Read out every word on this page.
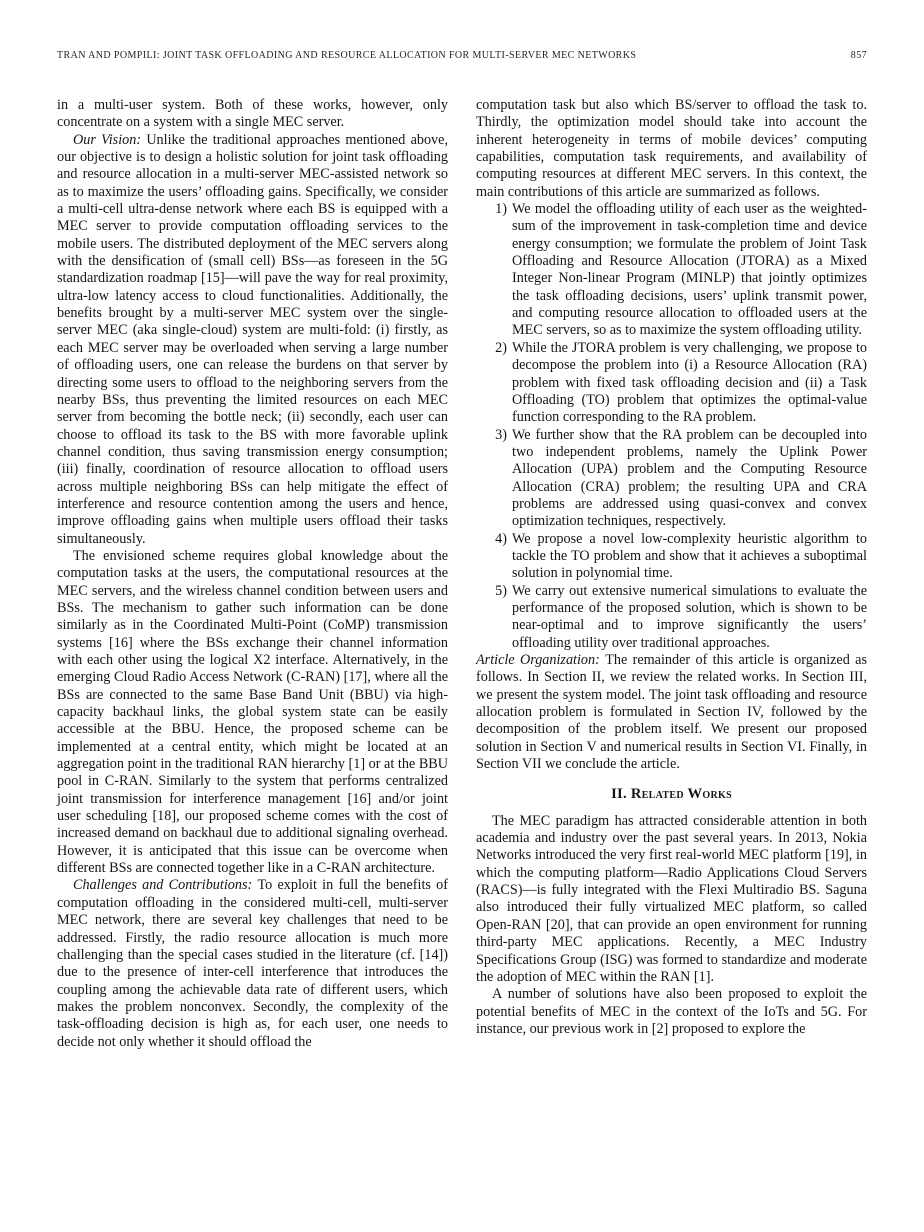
TRAN AND POMPILI: JOINT TASK OFFLOADING AND RESOURCE ALLOCATION FOR MULTI-SERVER MEC NETWORKS	857

in a multi-user system. Both of these works, however, only concentrate on a system with a single MEC server.

Our Vision: Unlike the traditional approaches mentioned above, our objective is to design a holistic solution for joint task offloading and resource allocation in a multi-server MEC-assisted network so as to maximize the users’ offloading gains. Specifically, we consider a multi-cell ultra-dense network where each BS is equipped with a MEC server to provide computation offloading services to the mobile users. The distributed deployment of the MEC servers along with the densification of (small cell) BSs—as foreseen in the 5G standardization roadmap [15]—will pave the way for real proximity, ultra-low latency access to cloud functionalities. Additionally, the benefits brought by a multi-server MEC system over the single-server MEC (aka single-cloud) system are multi-fold: (i) firstly, as each MEC server may be overloaded when serving a large number of offloading users, one can release the burdens on that server by directing some users to offload to the neighboring servers from the nearby BSs, thus preventing the limited resources on each MEC server from becoming the bottle neck; (ii) secondly, each user can choose to offload its task to the BS with more favorable uplink channel condition, thus saving transmission energy consumption; (iii) finally, coordination of resource allocation to offload users across multiple neighboring BSs can help mitigate the effect of interference and resource contention among the users and hence, improve offloading gains when multiple users offload their tasks simultaneously.

The envisioned scheme requires global knowledge about the computation tasks at the users, the computational resources at the MEC servers, and the wireless channel condition between users and BSs. The mechanism to gather such information can be done similarly as in the Coordinated Multi-Point (CoMP) transmission systems [16] where the BSs exchange their channel information with each other using the logical X2 interface. Alternatively, in the emerging Cloud Radio Access Network (C-RAN) [17], where all the BSs are connected to the same Base Band Unit (BBU) via high-capacity backhaul links, the global system state can be easily accessible at the BBU. Hence, the proposed scheme can be implemented at a central entity, which might be located at an aggregation point in the traditional RAN hierarchy [1] or at the BBU pool in C-RAN. Similarly to the system that performs centralized joint transmission for interference management [16] and/or joint user scheduling [18], our proposed scheme comes with the cost of increased demand on backhaul due to additional signaling overhead. However, it is anticipated that this issue can be overcome when different BSs are connected together like in a C-RAN architecture.

Challenges and Contributions: To exploit in full the benefits of computation offloading in the considered multi-cell, multi-server MEC network, there are several key challenges that need to be addressed. Firstly, the radio resource allocation is much more challenging than the special cases studied in the literature (cf. [14]) due to the presence of inter-cell interference that introduces the coupling among the achievable data rate of different users, which makes the problem nonconvex. Secondly, the complexity of the task-offloading decision is high as, for each user, one needs to decide not only whether it should offload the

computation task but also which BS/server to offload the task to. Thirdly, the optimization model should take into account the inherent heterogeneity in terms of mobile devices’ computing capabilities, computation task requirements, and availability of computing resources at different MEC servers. In this context, the main contributions of this article are summarized as follows.

1) We model the offloading utility of each user as the weighted-sum of the improvement in task-completion time and device energy consumption; we formulate the problem of Joint Task Offloading and Resource Allocation (JTORA) as a Mixed Integer Non-linear Program (MINLP) that jointly optimizes the task offloading decisions, users’ uplink transmit power, and computing resource allocation to offloaded users at the MEC servers, so as to maximize the system offloading utility.
2) While the JTORA problem is very challenging, we propose to decompose the problem into (i) a Resource Allocation (RA) problem with fixed task offloading decision and (ii) a Task Offloading (TO) problem that optimizes the optimal-value function corresponding to the RA problem.
3) We further show that the RA problem can be decoupled into two independent problems, namely the Uplink Power Allocation (UPA) problem and the Computing Resource Allocation (CRA) problem; the resulting UPA and CRA problems are addressed using quasi-convex and convex optimization techniques, respectively.
4) We propose a novel low-complexity heuristic algorithm to tackle the TO problem and show that it achieves a suboptimal solution in polynomial time.
5) We carry out extensive numerical simulations to evaluate the performance of the proposed solution, which is shown to be near-optimal and to improve significantly the users’ offloading utility over traditional approaches.

Article Organization: The remainder of this article is organized as follows. In Section II, we review the related works. In Section III, we present the system model. The joint task offloading and resource allocation problem is formulated in Section IV, followed by the decomposition of the problem itself. We present our proposed solution in Section V and numerical results in Section VI. Finally, in Section VII we conclude the article.

II. Related Works

The MEC paradigm has attracted considerable attention in both academia and industry over the past several years. In 2013, Nokia Networks introduced the very first real-world MEC platform [19], in which the computing platform—Radio Applications Cloud Servers (RACS)—is fully integrated with the Flexi Multiradio BS. Saguna also introduced their fully virtualized MEC platform, so called Open-RAN [20], that can provide an open environment for running third-party MEC applications. Recently, a MEC Industry Specifications Group (ISG) was formed to standardize and moderate the adoption of MEC within the RAN [1].

A number of solutions have also been proposed to exploit the potential benefits of MEC in the context of the IoTs and 5G. For instance, our previous work in [2] proposed to explore the
